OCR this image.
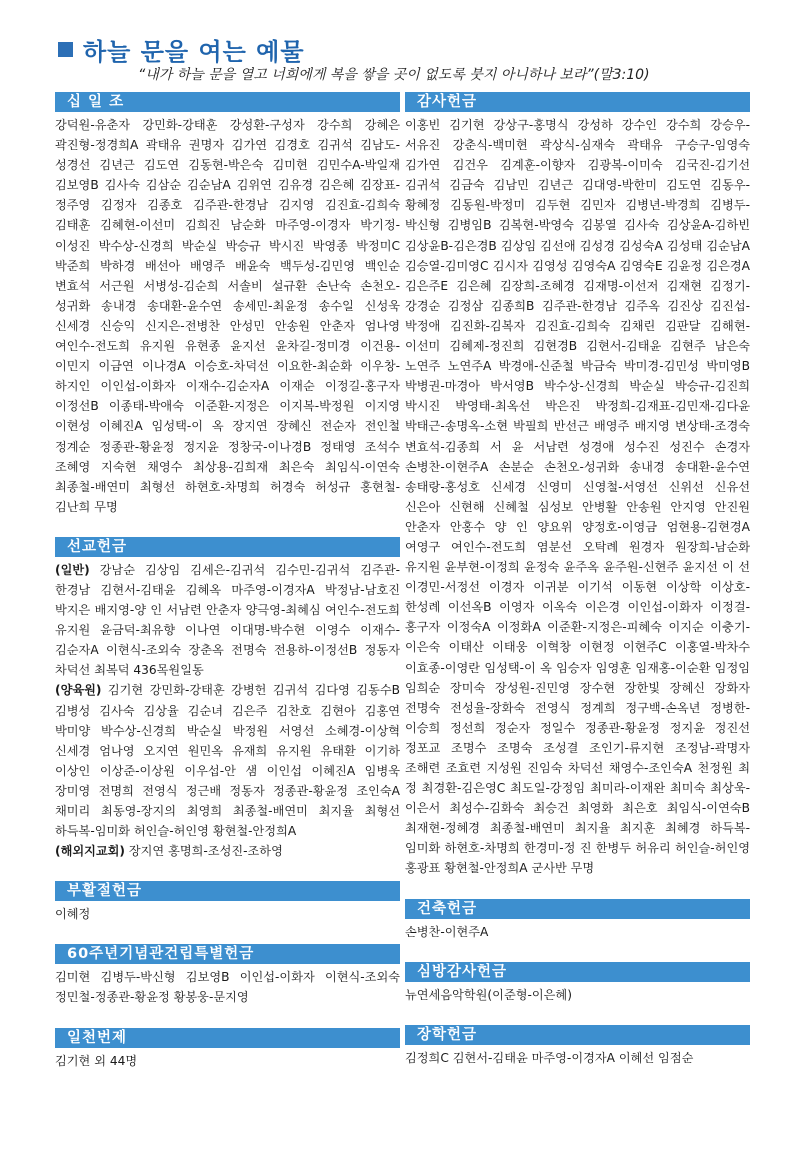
하늘 문을 여는 예물
“내가 하늘 문을 열고 너희에게 복을 쌓을 곳이 없도록 붓지 아니하나 보라”(말3:10)
십 일 조

강덕원-유춘자 강민화-강태훈 강성환-구성자 강수희 강혜은 곽진형-정경희A 곽태유 권명자 김가연 김경호 김귀석 김남도-성경선 김년근 김도연 김동현-박은숙 김미현 김민수A-박일재 김보영B 김사숙 김삼순 김순남A 김위연 김유경 김은혜 김장표-정주영 김정자 김종호 김주관-한경남 김지영 김진효-김희숙 김태훈 김혜현-이선미 김희진 남순화 마주영-이경자 박기정-이성진 박수상-신경희 박순실 박승규 박시진 박영종 박정미C 박준희 박하경 배선아 배영주 배윤숙 백두성-김민영 백인순 변효석 서근원 서병성-김순희 서솔비 설규환 손난숙 손천오-성귀화 송내경 송대환-윤수연 송세민-최윤정 송수일 신성욱 신세경 신승익 신지은-전병찬 안성민 안송원 안춘자 엄나영 여인수-전도희 유지원 유현종 윤지선 윤차길-정미경 이건용-이민지 이금연 이나경A 이승호-차덕선 이요한-최순화 이우창-하지인 이인섭-이화자 이재수-김순자A 이재순 이정길-홍구자 이정선B 이종태-박애숙 이준환-지정은 이지복-박정원 이지영 이현성 이혜진A 임성택-이 옥 장지연 장혜신 전순자 전인철 정계순 정종관-황윤정 정지윤 정창국-이나경B 정태영 조석수 조혜영 지숙현 채영수 최상용-김희재 최은숙 최임식-이연숙 최종철-배연미 최형선 하현호-차명희 허경숙 허성규 홍현철-김난희 무명

선교헌금

(일반) 강남순 김상임 김세은-김귀석 김수민-김귀석 김주관-한경남 김현서-김태윤 김혜옥 마주영-이경자A 박정남-남호진 박지은 배지영-양 인 서남련 안춘자 양극영-최혜심 여인수-전도희 유지원 윤금덕-최유향 이나연 이대명-박수현 이영수 이재수-김순자A 이현식-조외숙 장춘옥 전명숙 전용하-이정선B 정동자 차덕선 최복덕 436목원일동

(양육원) 김기현 강민화-강태훈 강병헌 김귀석 김다영 김동수B 김병성 김사숙 김상율 김순녀 김은주 김찬호 김현아 김홍연 박미양 박수상-신경희 박순실 박정원 서영선 소혜경-이상혁 신세경 엄나영 오지연 원민옥 유재희 유지원 유태환 이기하 이상인 이상준-이상원 이우섭-안 샘 이인섭 이혜진A 임병욱 장미영 전명희 전영식 정근배 정동자 정종관-황윤정 조인숙A 채미리 최동영-장지의 최영희 최종철-배연미 최지율 최형선 하득복-임미화 허인슬-허인영 황현철-안정희A

(해외지교회) 장지연 홍명희-조성진-조하영

부활절헌금

이혜정

60주년기념관건립특별헌금

김미현 김병두-박신형 김보영B 이인섭-이화자 이현식-조외숙 정민철-정종관-황윤정 황봉웅-문지영

일천번제

김기현 외 44명

감사헌금

이홍빈 김기현 강상구-홍명식 강성하 강수인 강수희 강승우-서유진 강춘식-백미현 곽상식-심재숙 곽태유 구승구-임영숙 김가연 김건우 김계훈-이향자 김광복-이미숙 김국진-김기선 김귀석 김금숙 김남민 김년근 김대영-박한미 김도연 김동우-황혜정 김동원-박정미 김두현 김민자 김병년-박경희 김병두-박신형 김병임B 김복현-박영숙 김봉열 김사숙 김상윤A-김하빈 김상윤B-김은경B 김상임 김선애 김성경 김성숙A 김성태 김순남A 김승열-김미영C 김시자 김영성 김영숙A 김영숙E 김윤정 김은경A 김은주E 김은혜 김장희-조혜경 김재명-이선저 김재현 김정기-강경순 김정삼 김종희B 김주관-한경남 김주옥 김진상 김진섭-박정애 김진화-김복자 김진효-김희숙 김채린 김판달 김해현-이선미 김혜제-정진희 김현경B 김현서-김태윤 김현주 남은숙 노연주 노연주A 박경애-신준철 박금숙 박미경-김민성 박미영B 박병권-마경아 박서영B 박수상-신경희 박순실 박승규-김진희 박시진 박영태-최옥선 박은진 박정희-김재표-김민재-김다윤 박태근-송명옥-소현 박필희 반선근 배영주 배지영 변상태-조경숙 변효석-김종희 서 윤 서남련 성경애 성수진 성진수 손경자 손병찬-이현주A 손분순 손천오-성귀화 송내경 송대환-윤수연 송태랑-홍성호 신세경 신영미 신영철-서영선 신위선 신유선 신은아 신현해 신혜철 심성보 안병활 안송원 안지영 안진원 안춘자 안홍수 양 인 양요위 양정호-이영금 엄현용-김현경A 여영구 여인수-전도희 염분선 오탁례 원경자 원장희-남순화 유지원 윤부현-이정희 윤정숙 윤주옥 윤주원-신현주 윤지선 이 선 이경민-서정선 이경자 이귀분 이기석 이동현 이상학 이상호-한성례 이선옥B 이영자 이옥숙 이은경 이인섭-이화자 이정걸-홍구자 이정숙A 이정화A 이준환-지정은-피혜숙 이지순 이충기-이은숙 이태산 이태웅 이혁창 이현정 이현주C 이홍열-박차수 이효종-이영란 임성택-이 옥 임승자 임영훈 임재홍-이순환 임정임 임희순 장미숙 장성원-진민영 장수현 장한빛 장혜신 장화자 전명숙 전성율-장화숙 전영식 정계희 정구백-손옥년 정병한-이승희 정선희 정순자 정일수 정종관-황윤정 정지윤 정진선 정포교 조명수 조명숙 조성결 조인기-류지현 조정남-곽명자 조해련 조효련 지성원 진임숙 차덕선 채영수-조인숙A 천정원 최 정 최경환-김은영C 최도일-강정임 최미라-이재완 최미숙 최상욱-이은서 최성수-김화숙 최승건 최영화 최은호 최임식-이연숙B 최재현-정혜경 최종철-배연미 최지율 최지훈 최혜경 하득복-임미화 하현호-차명희 한경미-정 진 한병두 허유리 허인슬-허인영 홍광표 황현철-안정희A 군사반 무명

건축헌금

손병찬-이현주A

심방감사헌금

뉴연세음악학원(이준형-이은혜)

장학헌금

김정희C 김현서-김태윤 마주영-이경자A 이혜선 임점순
